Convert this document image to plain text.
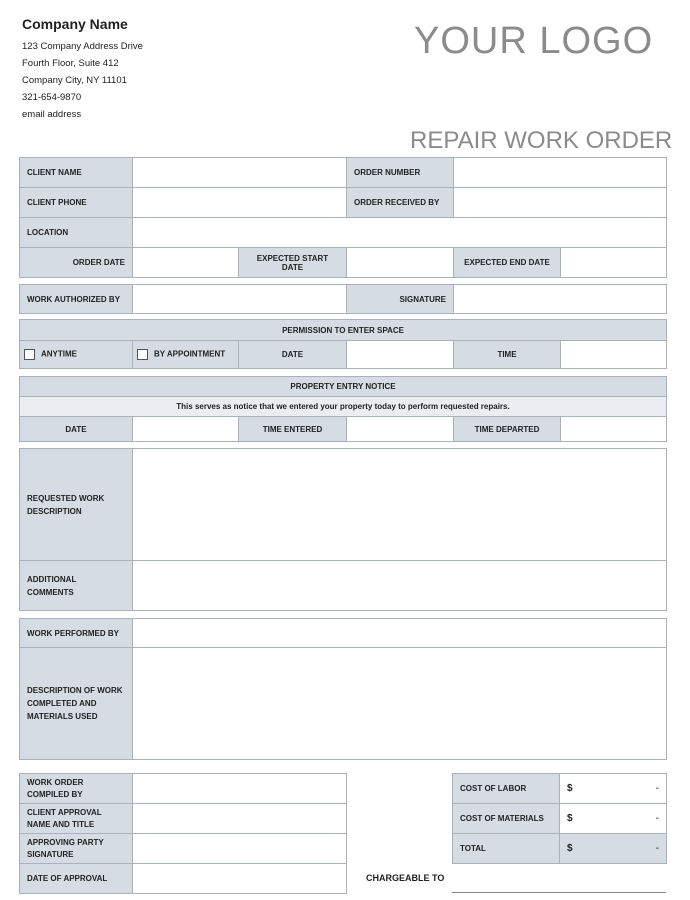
Company Name
123 Company Address Drive
Fourth Floor, Suite 412
Company City, NY 11101
321-654-9870
email address
YOUR LOGO
REPAIR WORK ORDER
CLIENT NAME		ORDER NUMBER	
CLIENT PHONE		ORDER RECEIVED BY	
LOCATION			
ORDER DATE		EXPECTED START DATE		EXPECTED END DATE	
WORK AUTHORIZED BY		SIGNATURE	
PERMISSION TO ENTER SPACE
ANYTIME	BY APPOINTMENT	DATE		TIME	
PROPERTY ENTRY NOTICE
This serves as notice that we entered your property today to perform requested repairs.
DATE		TIME ENTERED		TIME DEPARTED	
REQUESTED WORK DESCRIPTION	
ADDITIONAL COMMENTS	
WORK PERFORMED BY	
DESCRIPTION OF WORK COMPLETED AND MATERIALS USED	
WORK ORDER COMPILED BY	
CLIENT APPROVAL NAME AND TITLE	
APPROVING PARTY SIGNATURE	
DATE OF APPROVAL	
COST OF LABOR	$ -

COST OF MATERIALS	$ -

TOTAL	$ -
CHARGEABLE TO
